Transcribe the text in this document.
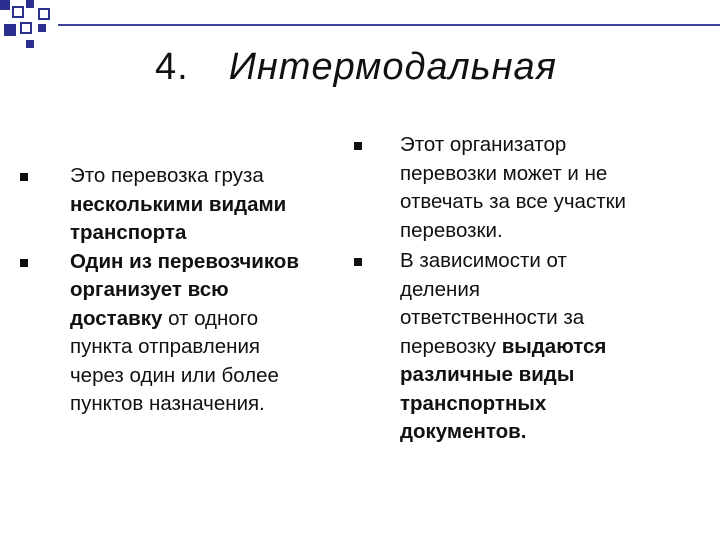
4. Интермодальная
Это перевозка груза
несколькими видами
транспорта
Один из перевозчиков
организует всю
доставку от одного
пункта отправления
через один или более
пунктов назначения.
Этот организатор
перевозки может и не
отвечать за все участки
перевозки.
В зависимости от
деления
ответственности за
перевозку выдаются
различные виды
транспортных
документов.
